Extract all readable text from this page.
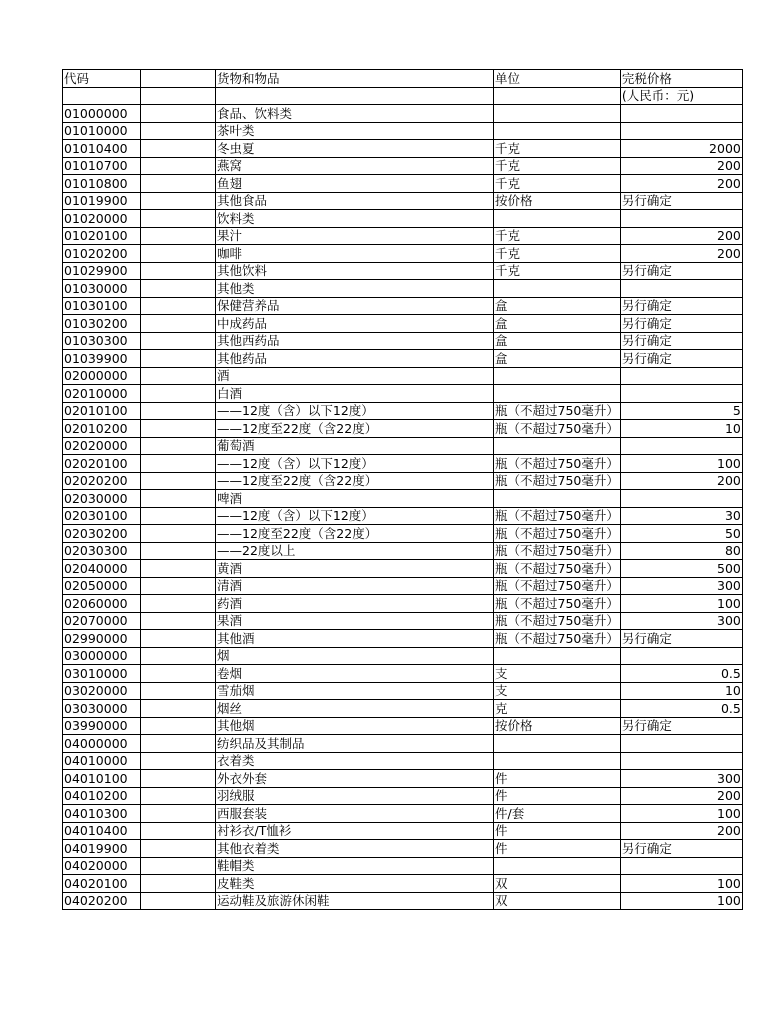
代码		货物和物品	单位	完税价格
				(人民币：元)
01000000		食品、饮料类		
01010000		茶叶类		
01010400		冬虫夏	千克	2000
01010700		燕窝	千克	200
01010800		鱼翅	千克	200
01019900		其他食品	按价格	另行确定
01020000		饮料类		
01020100		果汁	千克	200
01020200		咖啡	千克	200
01029900		其他饮料	千克	另行确定
01030000		其他类		
01030100		保健营养品	盒	另行确定
01030200		中成药品	盒	另行确定
01030300		其他西药品	盒	另行确定
01039900		其他药品	盒	另行确定
02000000		酒		
02010000		白酒		
02010100		——12度（含）以下12度）	瓶（不超过750毫升）	5
02010200		——12度至22度（含22度）	瓶（不超过750毫升）	10
02020000		葡萄酒		
02020100		——12度（含）以下12度）	瓶（不超过750毫升）	100
02020200		——12度至22度（含22度）	瓶（不超过750毫升）	200
02030000		啤酒		
02030100		——12度（含）以下12度）	瓶（不超过750毫升）	30
02030200		——12度至22度（含22度）	瓶（不超过750毫升）	50
02030300		——22度以上	瓶（不超过750毫升）	80
02040000		黄酒	瓶（不超过750毫升）	500
02050000		清酒	瓶（不超过750毫升）	300
02060000		药酒	瓶（不超过750毫升）	100
02070000		果酒	瓶（不超过750毫升）	300
02990000		其他酒	瓶（不超过750毫升）	另行确定
03000000		烟		
03010000		卷烟	支	0.5
03020000		雪茄烟	支	10
03030000		烟丝	克	0.5
03990000		其他烟	按价格	另行确定
04000000		纺织品及其制品		
04010000		衣着类		
04010100		外衣外套	件	300
04010200		羽绒服	件	200
04010300		西服套装	件/套	100
04010400		衬衫衣/T恤衫	件	200
04019900		其他衣着类	件	另行确定
04020000		鞋帽类		
04020100		皮鞋类	双	100
04020200		运动鞋及旅游休闲鞋	双	100
